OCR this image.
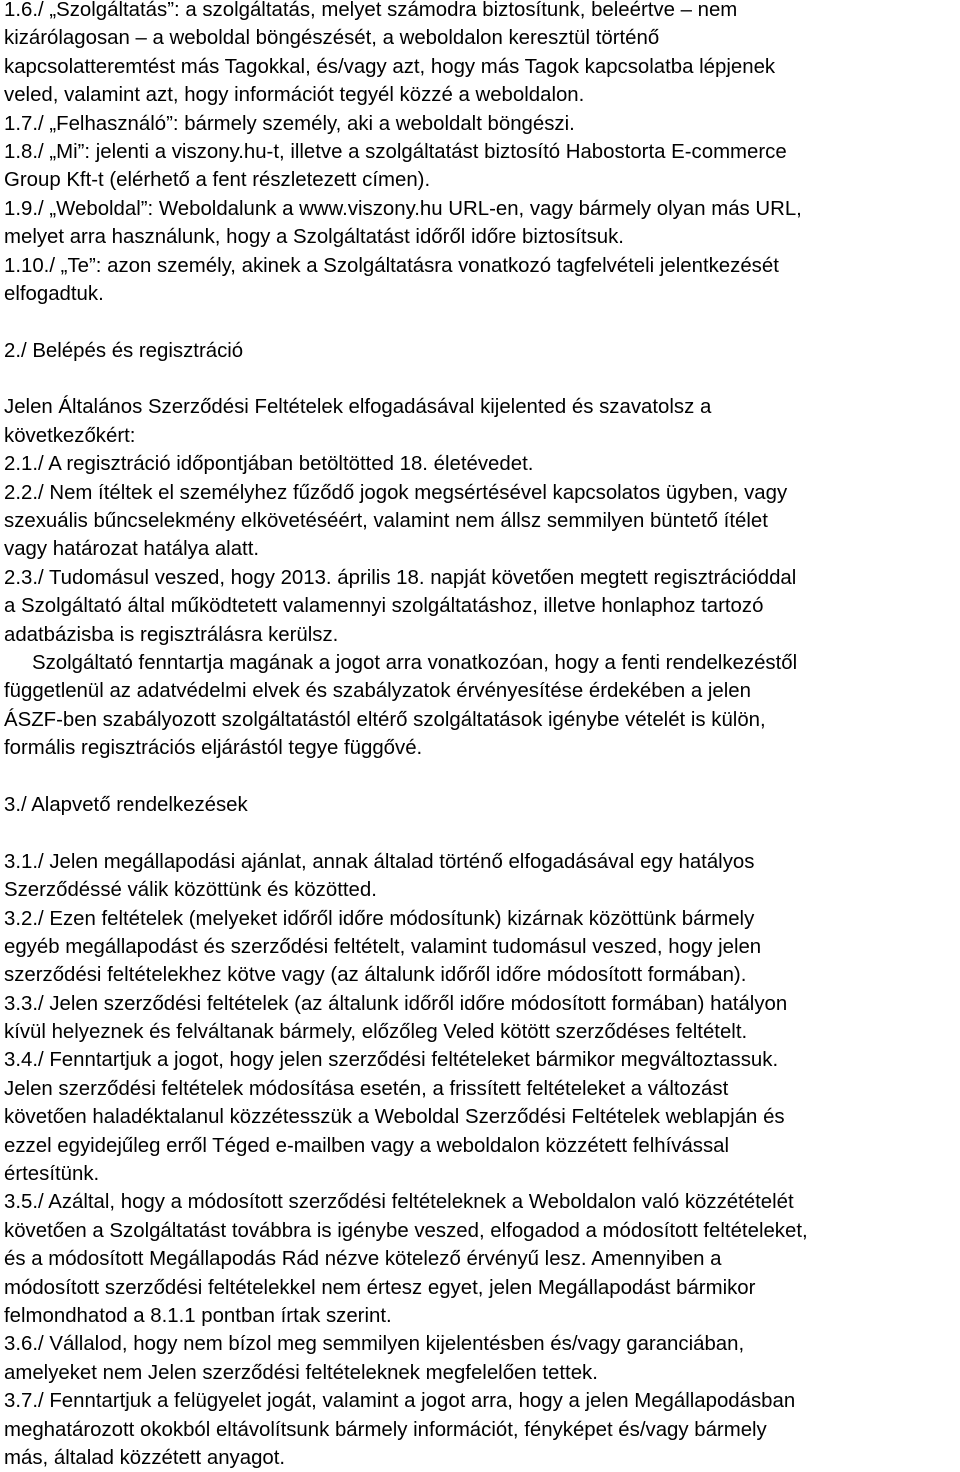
1.6./ „Szolgáltatás”: a szolgáltatás, melyet számodra biztosítunk, beleértve – nem
kizárólagosan – a weboldal böngészését, a weboldalon keresztül történő
kapcsolatteremtést más Tagokkal, és/vagy azt, hogy más Tagok kapcsolatba lépjenek
veled, valamint azt, hogy információt tegyél közzé a weboldalon.
1.7./ „Felhasználó”: bármely személy, aki a weboldalt böngészi.
1.8./ „Mi”: jelenti a viszony.hu-t, illetve a szolgáltatást biztosító Habostorta E-commerce
Group Kft-t (elérhető a fent részletezett címen).
1.9./ „Weboldal”: Weboldalunk a www.viszony.hu URL-en, vagy bármely olyan más URL,
melyet arra használunk, hogy a Szolgáltatást időről időre biztosítsuk.
1.10./ „Te”: azon személy, akinek a Szolgáltatásra vonatkozó tagfelvételi jelentkezését
elfogadtuk.
2./ Belépés és regisztráció
Jelen Általános Szerződési Feltételek elfogadásával kijelented és szavatolsz a
következőkért:
2.1./ A regisztráció időpontjában betöltötted 18. életévedet.
2.2./ Nem ítéltek el személyhez fűződő jogok megsértésével kapcsolatos ügyben, vagy
szexuális bűncselekmény elkövetéséért, valamint nem állsz semmilyen büntető ítélet
vagy határozat hatálya alatt.
2.3./ Tudomásul veszed, hogy 2013. április 18. napját követően megtett regisztrációddal
a Szolgáltató által működtetett valamennyi szolgáltatáshoz, illetve honlaphoz tartozó
adatbázisba is regisztrálásra kerülsz.
Szolgáltató fenntartja magának a jogot arra vonatkozóan, hogy a fenti rendelkezéstől
függetlenül az adatvédelmi elvek és szabályzatok érvényesítése érdekében a jelen
ÁSZF-ben szabályozott szolgáltatástól eltérő szolgáltatások igénybe vételét is külön,
formális regisztrációs eljárástól tegye függővé.
3./ Alapvető rendelkezések
3.1./ Jelen megállapodási ajánlat, annak általad történő elfogadásával egy hatályos
Szerződéssé válik közöttünk és közötted.
3.2./ Ezen feltételek (melyeket időről időre módosítunk) kizárnak közöttünk bármely
egyéb megállapodást és szerződési feltételt, valamint tudomásul veszed, hogy jelen
szerződési feltételekhez kötve vagy (az általunk időről időre módosított formában).
3.3./ Jelen szerződési feltételek (az általunk időről időre módosított formában) hatályon
kívül helyeznek és felváltanak bármely, előzőleg Veled kötött szerződéses feltételt.
3.4./ Fenntartjuk a jogot, hogy jelen szerződési feltételeket bármikor megváltoztassuk.
Jelen szerződési feltételek módosítása esetén, a frissített feltételeket a változást
követően haladéktalanul közzétesszük a Weboldal Szerződési Feltételek weblapján és
ezzel egyidejűleg erről Téged e-mailben vagy a weboldalon közzétett felhívással
értesítünk.
3.5./ Azáltal, hogy a módosított szerződési feltételeknek a Weboldalon való közzétételét
követően a Szolgáltatást továbbra is igénybe veszed, elfogadod a módosított feltételeket,
és a módosított Megállapodás Rád nézve kötelező érvényű lesz. Amennyiben a
módosított szerződési feltételekkel nem értesz egyet, jelen Megállapodást bármikor
felmondhatod a 8.1.1 pontban írtak szerint.
3.6./ Vállalod, hogy nem bízol meg semmilyen kijelentésben és/vagy garanciában,
amelyeket nem Jelen szerződési feltételeknek megfelelően tettek.
3.7./ Fenntartjuk a felügyelet jogát, valamint a jogot arra, hogy a jelen Megállapodásban
meghatározott okokból eltávolítsunk bármely információt, fényképet és/vagy bármely
más, általad közzétett anyagot.
